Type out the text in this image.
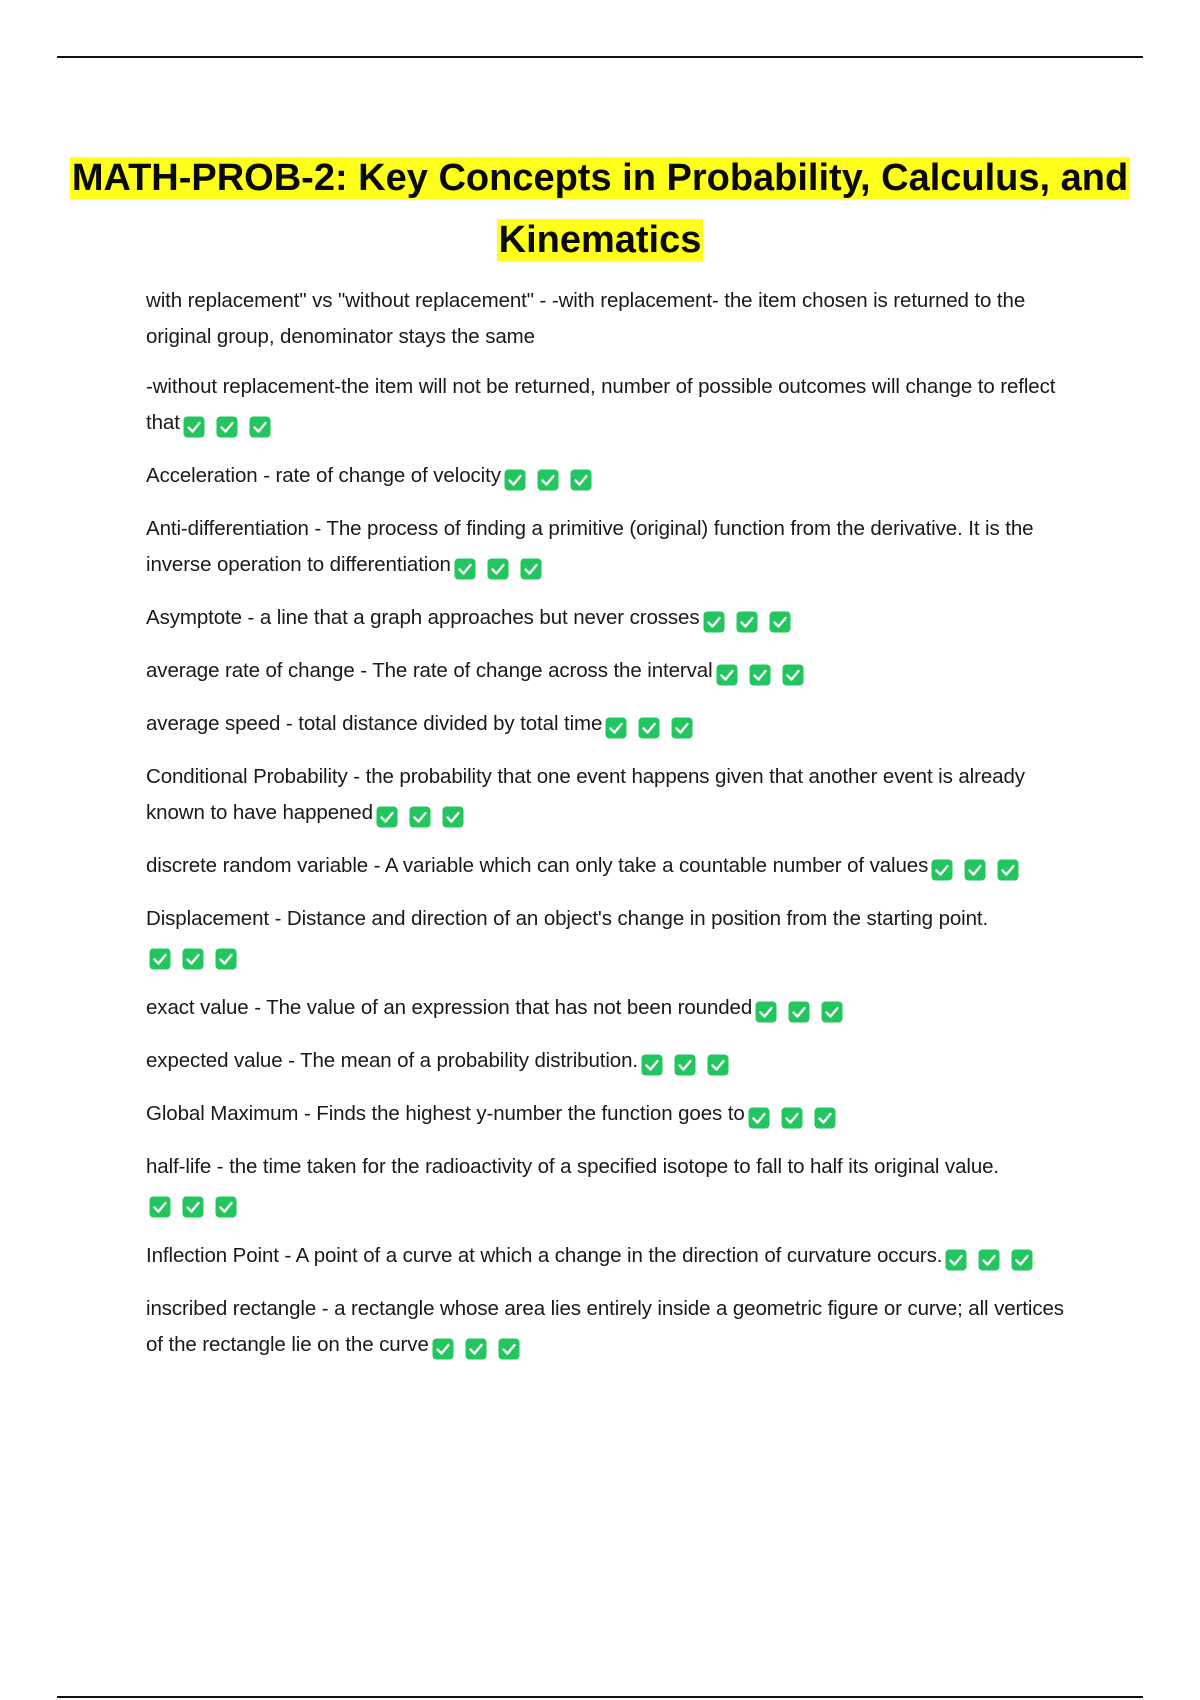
MATH-PROB-2: Key Concepts in Probability, Calculus, and Kinematics
with replacement" vs "without replacement" - -with replacement- the item chosen is returned to the original group, denominator stays the same
-without replacement-the item will not be returned, number of possible outcomes will change to reflect that
Acceleration - rate of change of velocity
Anti-differentiation - The process of finding a primitive (original) function from the derivative. It is the inverse operation to differentiation
Asymptote - a line that a graph approaches but never crosses
average rate of change - The rate of change across the interval
average speed - total distance divided by total time
Conditional Probability - the probability that one event happens given that another event is already known to have happened
discrete random variable - A variable which can only take a countable number of values
Displacement - Distance and direction of an object's change in position from the starting point.
exact value - The value of an expression that has not been rounded
expected value - The mean of a probability distribution.
Global Maximum - Finds the highest y-number the function goes to
half-life - the time taken for the radioactivity of a specified isotope to fall to half its original value.
Inflection Point - A point of a curve at which a change in the direction of curvature occurs.
inscribed rectangle - a rectangle whose area lies entirely inside a geometric figure or curve; all vertices of the rectangle lie on the curve
